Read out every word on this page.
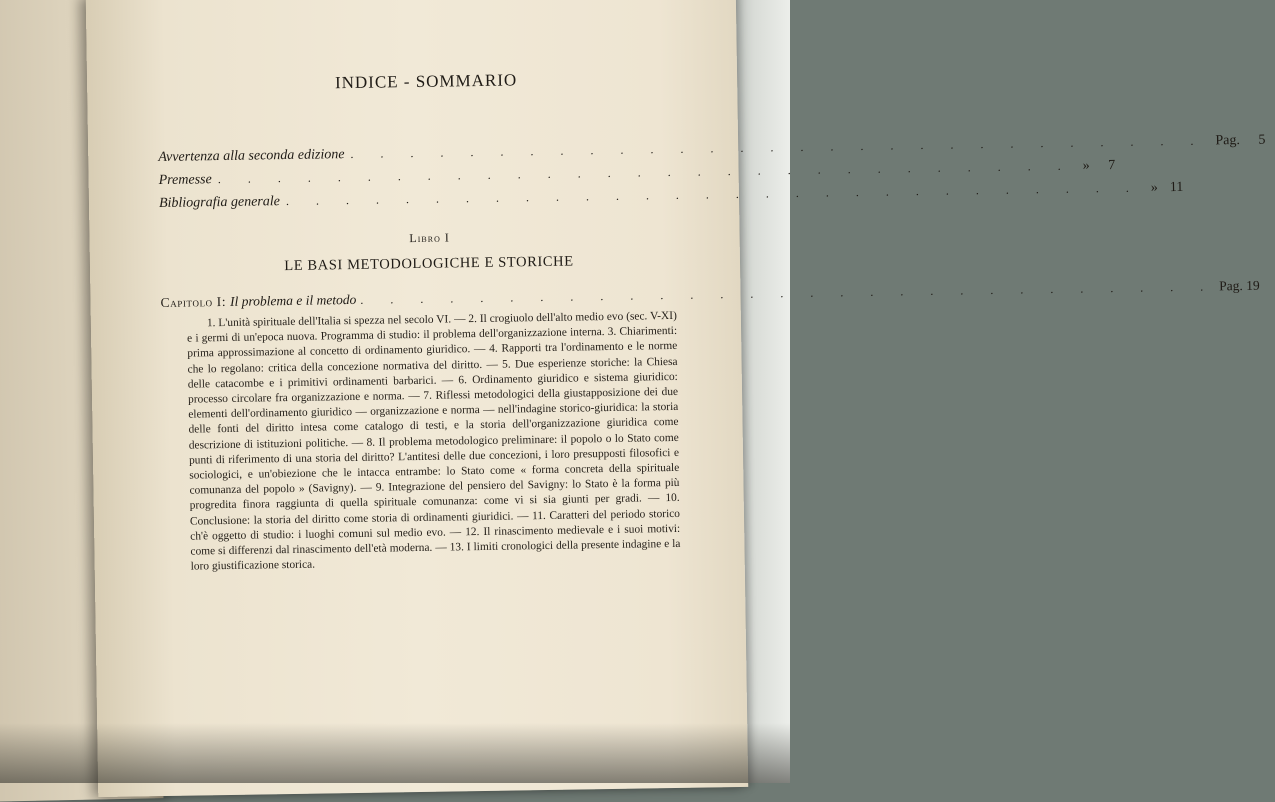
INDICE - SOMMARIO
Avvertenza alla seconda edizione . . . . . . . . . . . . . . . . . . . . . . . . . . . . . Pag. 5
Premesse . . . . . . . . . . . . . . . . . . . . . . . . . . . . . » 7
Bibliografia generale . . . . . . . . . . . . . . . . . . . . . . . . . . . . . » 11
Libro I
LE BASI METODOLOGICHE E STORICHE
Capitolo I: Il problema e il metodo . . . . . . . . . . . . . . . . . . . . . . . . . . . . . Pag. 19
1. L'unità spirituale dell'Italia si spezza nel secolo VI. — 2. Il crogiuolo dell'alto medio evo (sec. V-XI) e i germi di un'epoca nuova. Programma di studio: il problema dell'organizzazione interna. 3. Chiarimenti: prima approssimazione al concetto di ordinamento giuridico. — 4. Rapporti tra l'ordinamento e le norme che lo regolano: critica della concezione normativa del diritto. — 5. Due esperienze storiche: la Chiesa delle catacombe e i primitivi ordinamenti barbarici. — 6. Ordinamento giuridico e sistema giuridico: processo circolare fra organizzazione e norma. — 7. Riflessi metodologici della giustapposizione dei due elementi dell'ordinamento giuridico — organizzazione e norma — nell'indagine storico-giuridica: la storia delle fonti del diritto intesa come catalogo di testi, e la storia dell'organizzazione giuridica come descrizione di istituzioni politiche. — 8. Il problema metodologico preliminare: il popolo o lo Stato come punti di riferimento di una storia del diritto? L'antitesi delle due concezioni, i loro presupposti filosofici e sociologici, e un'obiezione che le intacca entrambe: lo Stato come « forma concreta della spirituale comunanza del popolo » (Savigny). — 9. Integrazione del pensiero del Savigny: lo Stato è la forma più progredita finora raggiunta di quella spirituale comunanza: come vi si sia giunti per gradi. — 10. Conclusione: la storia del diritto come storia di ordinamenti giuridici. — 11. Caratteri del periodo storico ch'è oggetto di studio: i luoghi comuni sul medio evo. — 12. Il rinascimento medievale e i suoi motivi: come si differenzi dal rinascimento dell'età moderna. — 13. I limiti cronologici della presente indagine e la loro giustificazione storica.
